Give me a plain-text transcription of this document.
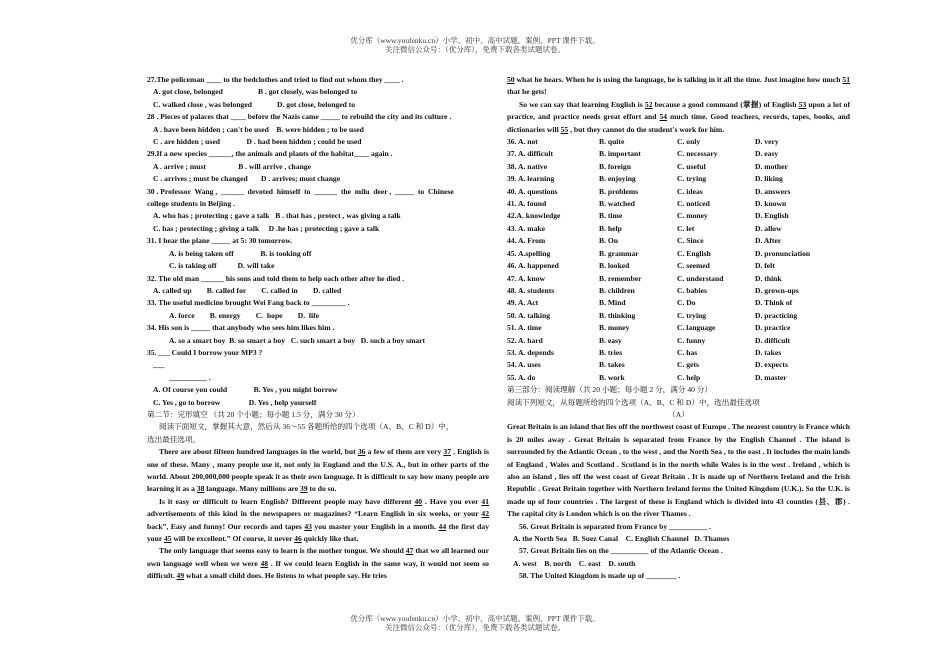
优分库（www.youfenku.cn）小学、初中、高中试题、案例、PPT 课件下载。
关注微信公众号：（优分库），免费下载各类试题试卷。
27.The policeman ____ to the bedclothes and tried to find out whom they ____ .
A. got close, belonged	B . got closely, was belonged to
C. walked close , was belonged	D. got close, belonged to
28 . Pieces of palaces that ____ before the Nazis came _____ to rebuild the city and its culture .
A . have been hidden ; can't be used    B. were hidden ; to be used
C . are hidden ; used              D . had been hidden ; could be used
29.If a new species ______, the animals and plants of the habitat____ again .
A . arrive ; must                 B . will arrive , change
C . arrives ; must be changed       D . arrives; must change
30 . Professor  Wang ,  ______  devoted  himself  to  ______  the  milu  deer ,  _____  to  Chinese
college students in Beijing .
A. who has ; protecting ; gave a talk   B . that has , protect , was giving a talk
C. has ; protecting ; giving a talk     D .he has ; protecting ; gave a talk
31. I hear the plane _____ at 5: 30 tomorrow.
A. is being taken off              B. is tooking off
C. is taking off           D. will take
32. The old man ______ his sons and told them to help each other after he died .
A. called up        B. called for        C. called in        D. called
33. The useful medicine brought Wei Fang back to _________ .
A. force        B. energy        C.  hope        D.  life
34. His son is _____ that anybody who sees him likes him .
A. so a smart boy  B. so smart a boy   C. such smart a boy   D. such a boy smart
35. ___ Could I borrow your MP3 ?
___
__________ .
A. Of course you could              B. Yes , you might borrow
C. Yes , go to borrow               D. Yes , help yourself
第二节：完形填空 （共 20 个小题；每小题 1.5 分，满分 30 分）
阅读下面短文，掌握其大意，然后从 36～55 各题所给的四个选项（A、B、C 和 D）中，
选出最佳选项。
There are about fifteen hundred languages in the world, but 36 a few of them are very 37 . English is one of these. Many , many people use it, not only in England and the U.S. A., but in other parts of the world. About 200,000,000 people speak it as their own language. It is difficult to say how many people are learning it as a 38 language. Many millions are 39 to do so.
Is it easy or difficult to learn English? Different people may have different 40 . Have you ever 41 advertisements of this kind in the newspapers or magazines? “Learn English in six weeks, or your 42 back”, Easy and funny! Our records and tapes 43 you master your English in a month. 44 the first day your 45 will be excellent.” Of course, it never 46 quickly like that.
The only language that seems easy to learn is the mother tongue. We should 47 that we all learned our own language well when we were 48 . If we could learn English in the same way, it would not seem so difficult. 49 what a small child does. He listens to what people say. He tries
50 what he hears. When he is using the language, he is talking in it all the time. Just imagine how much 51 that he gets!
So we can say that learning English is 52 because a good command (掌握) of English 53 upon a lot of practice, and practice needs great effort and 54 much time. Good teachers, records, tapes, books, and dictionaries will 55 , but they cannot do the student's work for him.
36. A. not	B. quite	C. only	D. very
37. A. difficult	B. important	C. necessary	D. easy
38. A. native	B. foreign	C. useful	D. mother
39. A. learning	B. enjoying	C. trying	D. liking
40. A. questions	B. problems	C. ideas	D. answers
41. A. found	B. watched	C. noticed	D. known
42.A. knowledge	B. time	C. money	D. English
43. A. make	B. help	C. let	D. allow
44. A. From	B. On	C. Since	D. After
45. A.spelling	B. grammar	C. English	D. pronunciation
46. A. happened	B. looked	C. seemed	D. felt
47. A. know	B. remember	C. understand	D. think
48. A. students	B. children	C. babies	D. grown-ups
49. A. Act	B. Mind	C. Do	D. Think of
50. A. talking	B. thinking	C. trying	D. practicing
51. A. time	B. money	C. language	D. practice
52. A. hard	B. easy	C. funny	D. difficult
53. A. depends	B. tries	C. has	D. takes
54. A. uses	B. takes	C. gets	D. expects
55. A. do	B. work	C. help	D. master
第三部分：阅读理解（共 20 小题；每小题 2 分，满分 40 分）
阅读下列短文，从每题所给的四个选项（A、B、C 和 D）中，选出最佳选项
（A）
Great Britain is an island that lies off the northwest coast of Europe . The nearest country is France which is 20 miles away . Great Britain is separated from France by the English Channel . The island is surrounded by the Atlantic Ocean , to the west , and the North Sea , to the east . It includes the main lands of England , Wales and Scotland . Scotland is in the north while Wales is in the west . Ireland , which is also an island , lies off the west coast of Great Britain . It is made up of Northern Ireland and the Irish Republic . Great Britain together with Northern Ireland forms the United Kingdom (U.K.). So the U.K. is made up of four countries . The largest of these is England which is divided into 43 counties (县、郡) . The capital city is London which is on the river Thames .
56. Great Britain is separated from France by __________ .
A. the North Sea   B. Suez Canal    C. English Channel   D. Thames
57. Great Britain lies on the __________ of the Atlantic Ocean .
A. west    B. north    C. east    D. south
58. The United Kingdom is made up of ________ .
优分库（www.youfenku.cn）小学、初中、高中试题、案例、PPT 课件下载。
关注微信公众号：（优分库），免费下载各类试题试卷。
